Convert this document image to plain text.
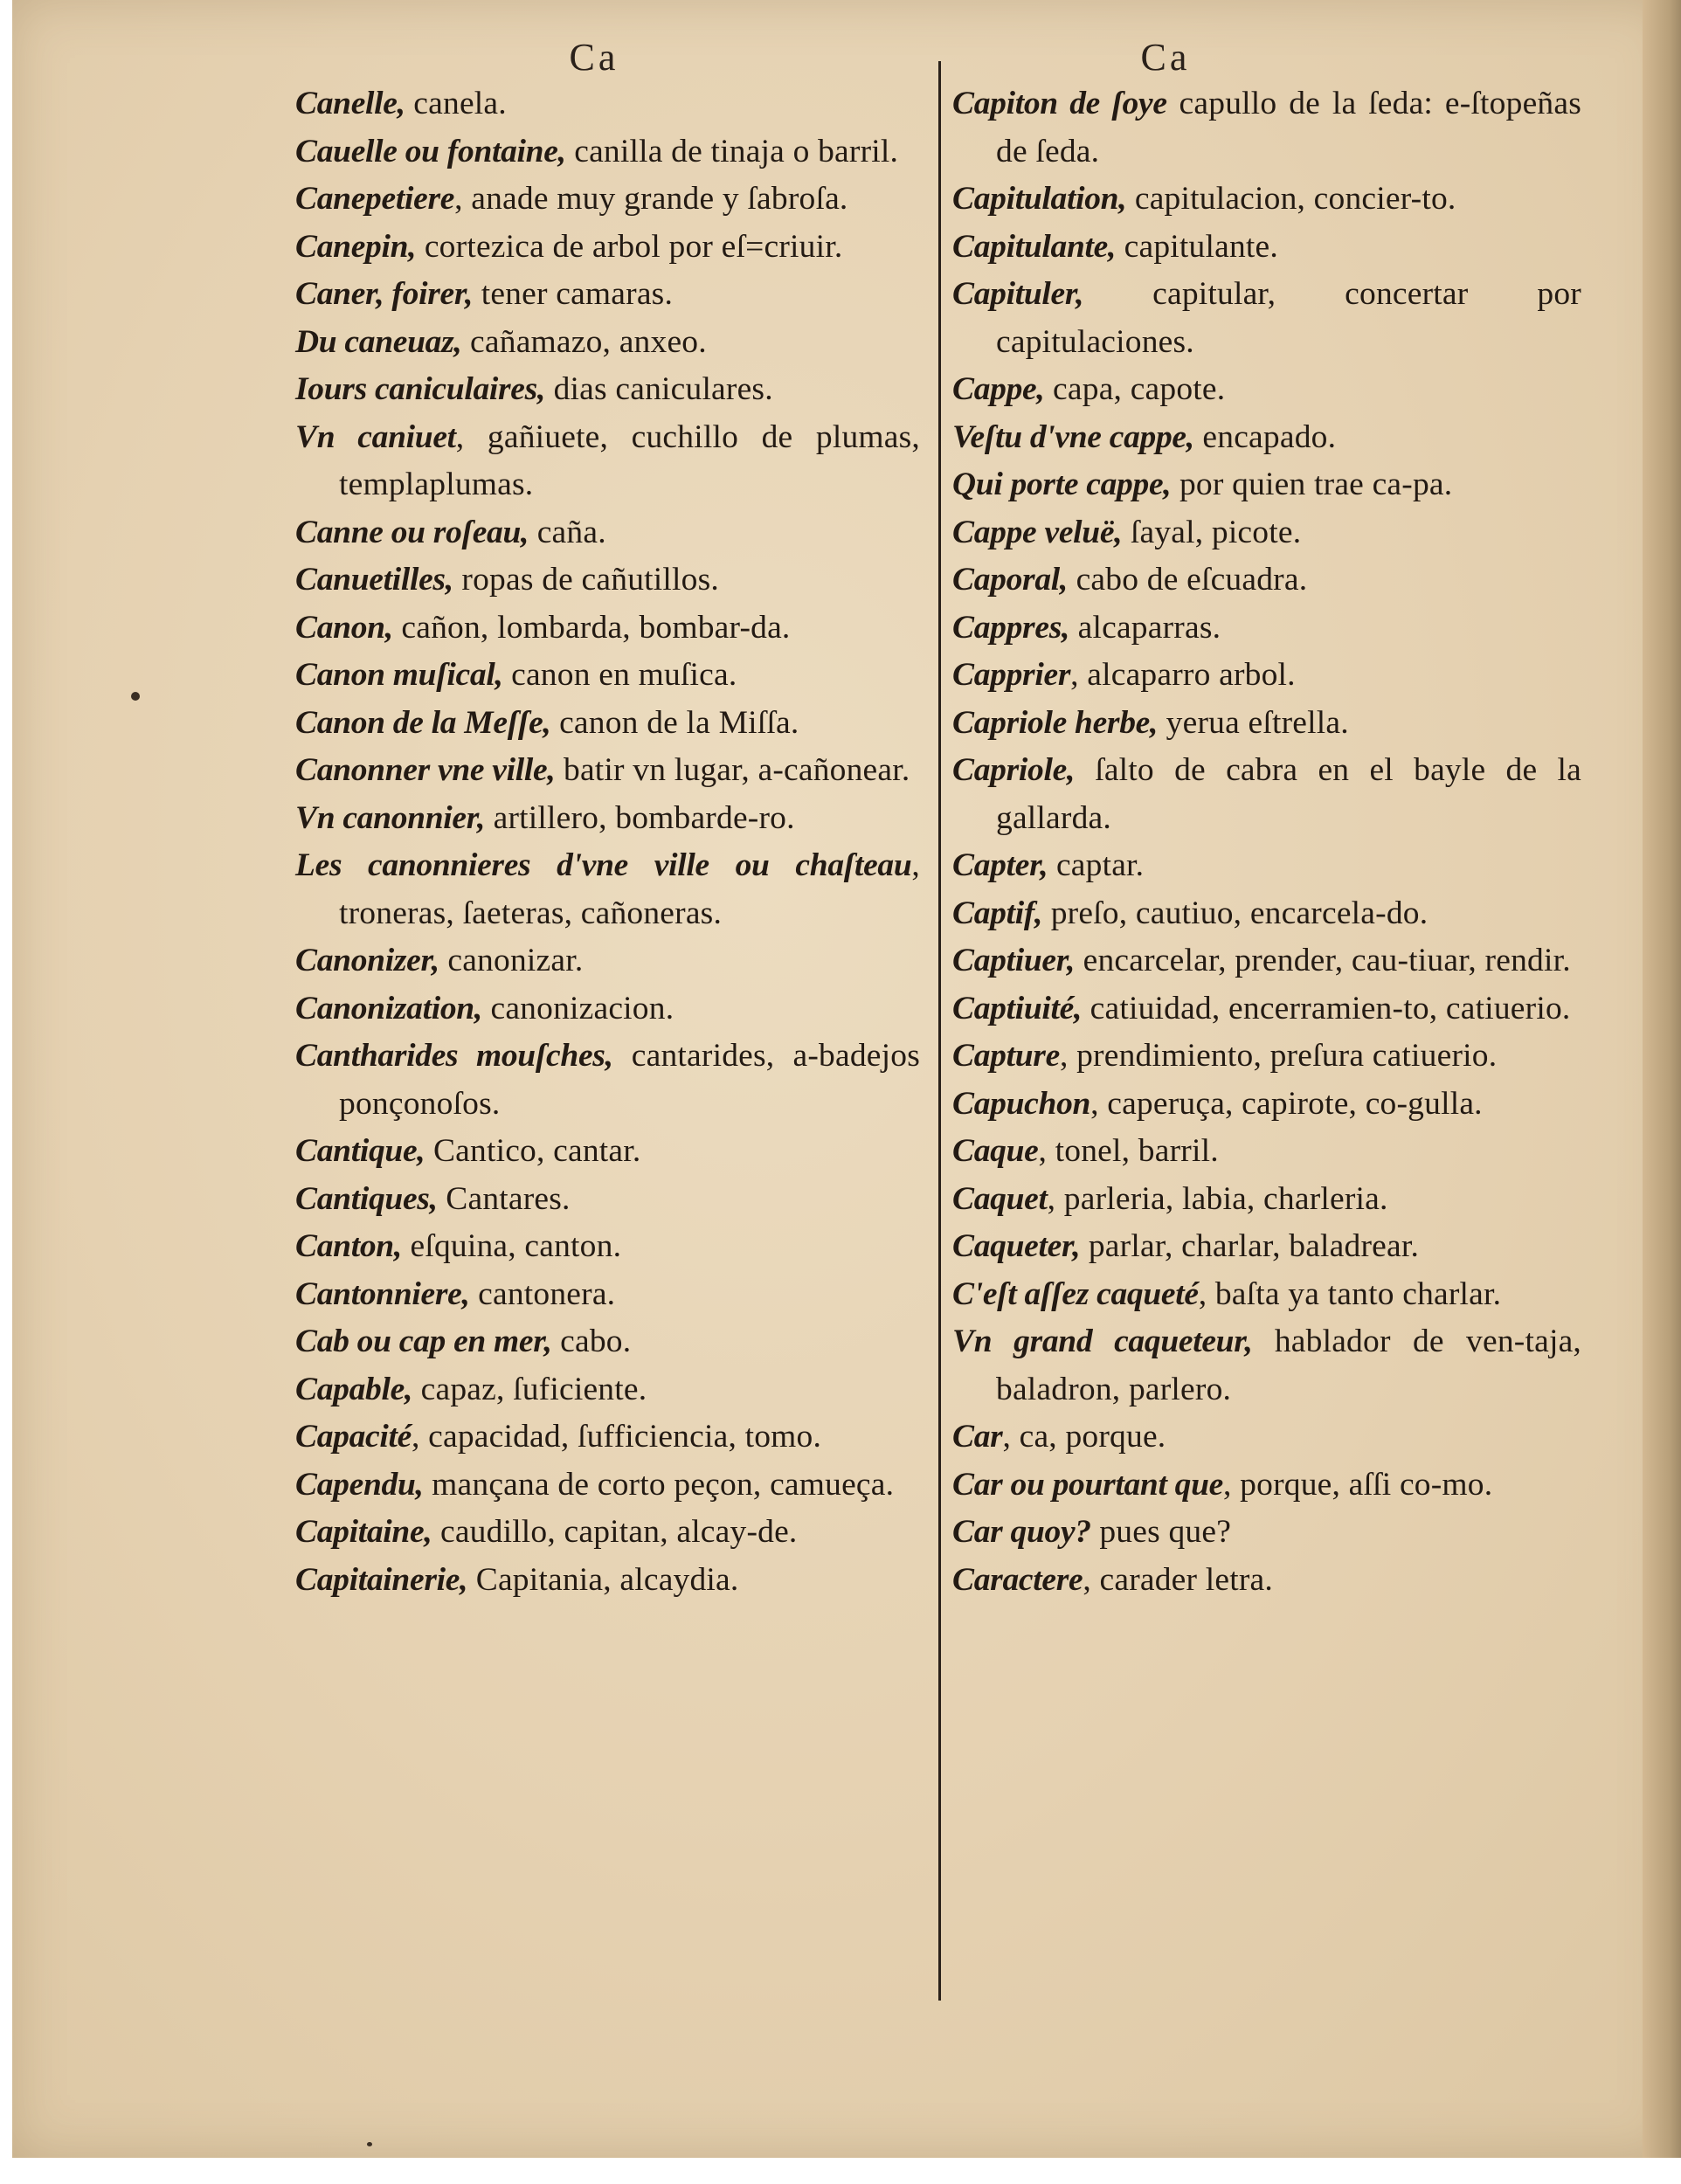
Ca	Ca

Canelle, canela.

Cauelle ou fontaine, canilla de tinaja o barril.

Canepetiere, anade muy grande y ſabroſa.

Canepin, cortezica de arbol por eſ=criuir.

Caner, foirer, tener camaras.

Du caneuaz, cañamazo, anxeo.

Iours caniculaires, dias caniculares.

Vn caniuet, gañiuete, cuchillo de plumas, templaplumas.

Canne ou roſeau, caña.

Canuetilles, ropas de cañutillos.

Canon, cañon, lombarda, bombar-da.

Canon muſical, canon en muſica.

Canon de la Meſſe, canon de la Miſſa.

Canonner vne ville, batir vn lugar, a-cañonear.

Vn canonnier, artillero, bombarde-ro.

Les canonnieres d'vne ville ou chaſteau, troneras, ſaeteras, cañoneras.

Canonizer, canonizar.

Canonization, canonizacion.

Cantharides mouſches, cantarides, a-badejos ponçonoſos.

Cantique, Cantico, cantar.

Cantiques, Cantares.

Canton, eſquina, canton.

Cantonniere, cantonera.

Cab ou cap en mer, cabo.

Capable, capaz, ſuficiente.

Capacité, capacidad, ſufficiencia, tomo.

Capendu, mançana de corto peçon, camueça.

Capitaine, caudillo, capitan, alcay-de.

Capitainerie, Capitania, alcaydia.

Capiton de ſoye capullo de la ſeda: e-ſtopeñas de ſeda.

Capitulation, capitulacion, concier-to.

Capitulante, capitulante.

Capituler, capitular, concertar por capitulaciones.

Cappe, capa, capote.

Veſtu d'vne cappe, encapado.

Qui porte cappe, por quien trae ca-pa.

Cappe veluë, ſayal, picote.

Caporal, cabo de eſcuadra.

Cappres, alcaparras.

Capprier, alcaparro arbol.

Capriole herbe, yerua eſtrella.

Capriole, ſalto de cabra en el bayle de la gallarda.

Capter, captar.

Captif, preſo, cautiuo, encarcela-do.

Captiuer, encarcelar, prender, cau-tiuar, rendir.

Captiuité, catiuidad, encerramien-to, catiuerio.

Capture, prendimiento, preſura catiuerio.

Capuchon, caperuça, capirote, co-gulla.

Caque, tonel, barril.

Caquet, parleria, labia, charleria.

Caqueter, parlar, charlar, baladrear.

C'eſt aſſez caqueté, baſta ya tanto charlar.

Vn grand caqueteur, hablador de ven-taja, baladron, parlero.

Car, ca, porque.

Car ou pourtant que, porque, aſſi co-mo.

Car quoy? pues que?

Caractere, carader letra.
